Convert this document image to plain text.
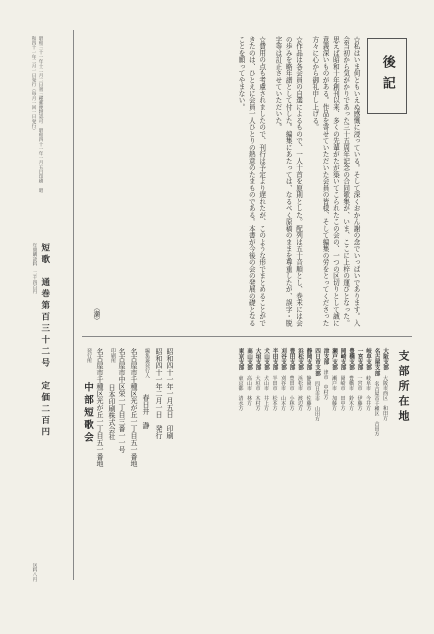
昭和三十一年十二月二日第三種郵便物認可　昭和四十一年一月五日印刷　昭和四十一年二月一日発行（毎月一回一日発行）
年間購読料　二千四百円 短歌　通巻第百三十二号　定価二百円
送料八円
後記

☆私はいま何ともいえぬ感慨に浸っている。そして深くおかん謝の念でいっぱいであります。入会当初から気がかりであった三十五周年記念の合同歌集が、いま、ここに上梓の運びとなった。思えば昭和十年創刊以来、多くの先輩がたが築いてこられたこの会の、一つの区切りとして誠に意義深いものがある。作品を寄せていただいた会員の皆様、そして編集の労をとってくださった方々に心から御礼申し上げる。

☆作品は各会員の自選によるもので、一人十首を原則とした。配列は五十音順とし、巻末には会の歩みを略年譜として付した。編集にあたっては、なるべく原稿のままを尊重したが、誤字・脱字等は訂正させていただいた。

☆費用の点も考慮されましたので、刊行は予定より遅れたが、このような形でまとめることができたのは、ひとえに会員一人ひとりの熱意のたまものである。本書が今後の会の発展の礎となることを願ってやまない。

（瀬）
支部所在地
大阪支部　大阪市西区　和田方
名古屋支部　名古屋市千種区　古田方
岐阜支部　岐阜市　今井方
一宮支部　一宮市　伊藤方
豊橋支部　豊橋市　鈴木方
岡崎支部　岡崎市　田中方
瀬戸支部　瀬戸市　加藤方
津支部　津市　中村方
四日市支部　四日市市　山田方
静岡支部　静岡市　佐藤方
浜松支部　浜松市　渡辺方
豊田支部　豊田市　小林方
刈谷支部　刈谷市　山本方
半田支部　半田市　松本方
犬山支部　犬山市　井上方
大垣支部　大垣市　木村方
高山支部　高山市　林方
東京支部　東京都　清水方
昭和四十一年一月五日　印刷
昭和四十一年二月一日　発行
編集兼発行人
春日井　瀞
名古屋市千種区光が丘一丁目五一番地
名古屋市中区栄一丁目三番一一号
印刷所
日本印刷株式会社
名古屋市千種区光が丘一丁目五一番地
発行所
中部短歌会
